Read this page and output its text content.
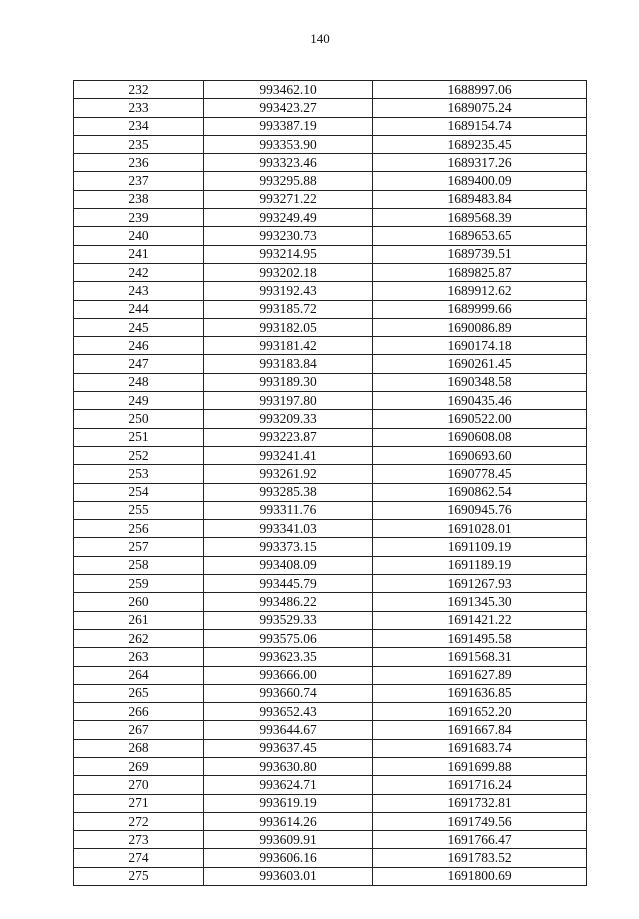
140
232	993462.10	1688997.06
233	993423.27	1689075.24
234	993387.19	1689154.74
235	993353.90	1689235.45
236	993323.46	1689317.26
237	993295.88	1689400.09
238	993271.22	1689483.84
239	993249.49	1689568.39
240	993230.73	1689653.65
241	993214.95	1689739.51
242	993202.18	1689825.87
243	993192.43	1689912.62
244	993185.72	1689999.66
245	993182.05	1690086.89
246	993181.42	1690174.18
247	993183.84	1690261.45
248	993189.30	1690348.58
249	993197.80	1690435.46
250	993209.33	1690522.00
251	993223.87	1690608.08
252	993241.41	1690693.60
253	993261.92	1690778.45
254	993285.38	1690862.54
255	993311.76	1690945.76
256	993341.03	1691028.01
257	993373.15	1691109.19
258	993408.09	1691189.19
259	993445.79	1691267.93
260	993486.22	1691345.30
261	993529.33	1691421.22
262	993575.06	1691495.58
263	993623.35	1691568.31
264	993666.00	1691627.89
265	993660.74	1691636.85
266	993652.43	1691652.20
267	993644.67	1691667.84
268	993637.45	1691683.74
269	993630.80	1691699.88
270	993624.71	1691716.24
271	993619.19	1691732.81
272	993614.26	1691749.56
273	993609.91	1691766.47
274	993606.16	1691783.52
275	993603.01	1691800.69
